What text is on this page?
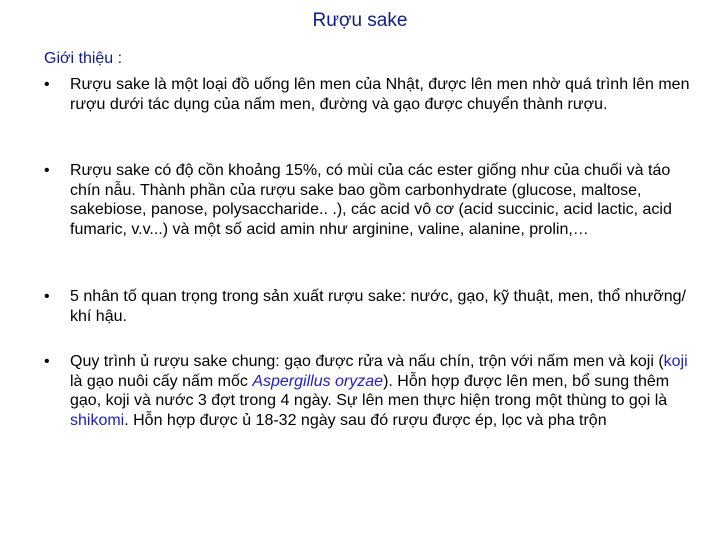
Rượu sake
Giới thiệu :
•	Rượu sake là một loại đồ uống lên men của Nhật, được lên men nhờ quá trình lên men rượu dưới tác dụng của nấm men, đường và gạo được chuyển thành rượu.
•	Rượu sake có độ cồn khoảng 15%, có mùi của các ester giống như của chuối và táo chín nẫu. Thành phần của rượu sake bao gồm carbonhydrate (glucose, maltose, sakebiose, panose, polysaccharide.. .), các acid vô cơ (acid succinic, acid lactic, acid fumaric, v.v...) và một số acid amin như arginine, valine, alanine, prolin,…
•	5 nhân tố quan trọng trong sản xuất rượu sake: nước, gạo, kỹ thuật, men, thổ nhưỡng/ khí hậu.
•	Quy trình ủ rượu sake chung: gạo được rửa và nấu chín, trộn với nấm men và koji (koji là gạo nuôi cấy nấm mốc Aspergillus oryzae). Hỗn hợp được lên men, bổ sung thêm gạo, koji và nước 3 đợt trong 4 ngày. Sự lên men thực hiện trong một thùng to gọi là shikomi. Hỗn hợp được ủ 18-32 ngày sau đó rượu được ép, lọc và pha trộn
